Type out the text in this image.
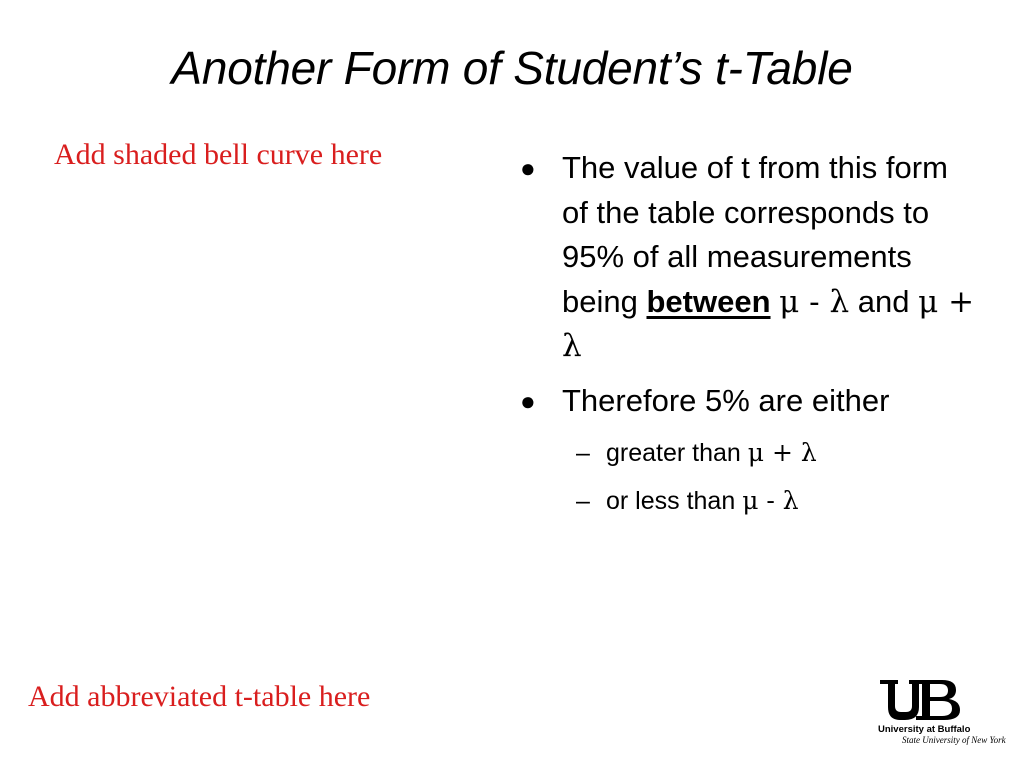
Another Form of Student’s t-Table
Add shaded bell curve here	● The value of t from this form of the table corresponds to 95% of all measurements being between μ - λ and μ + λ
● Therefore 5% are either
– greater than μ + λ
– or less than μ - λ
Add abbreviated t-table here
University at Buffalo
State University of New York
